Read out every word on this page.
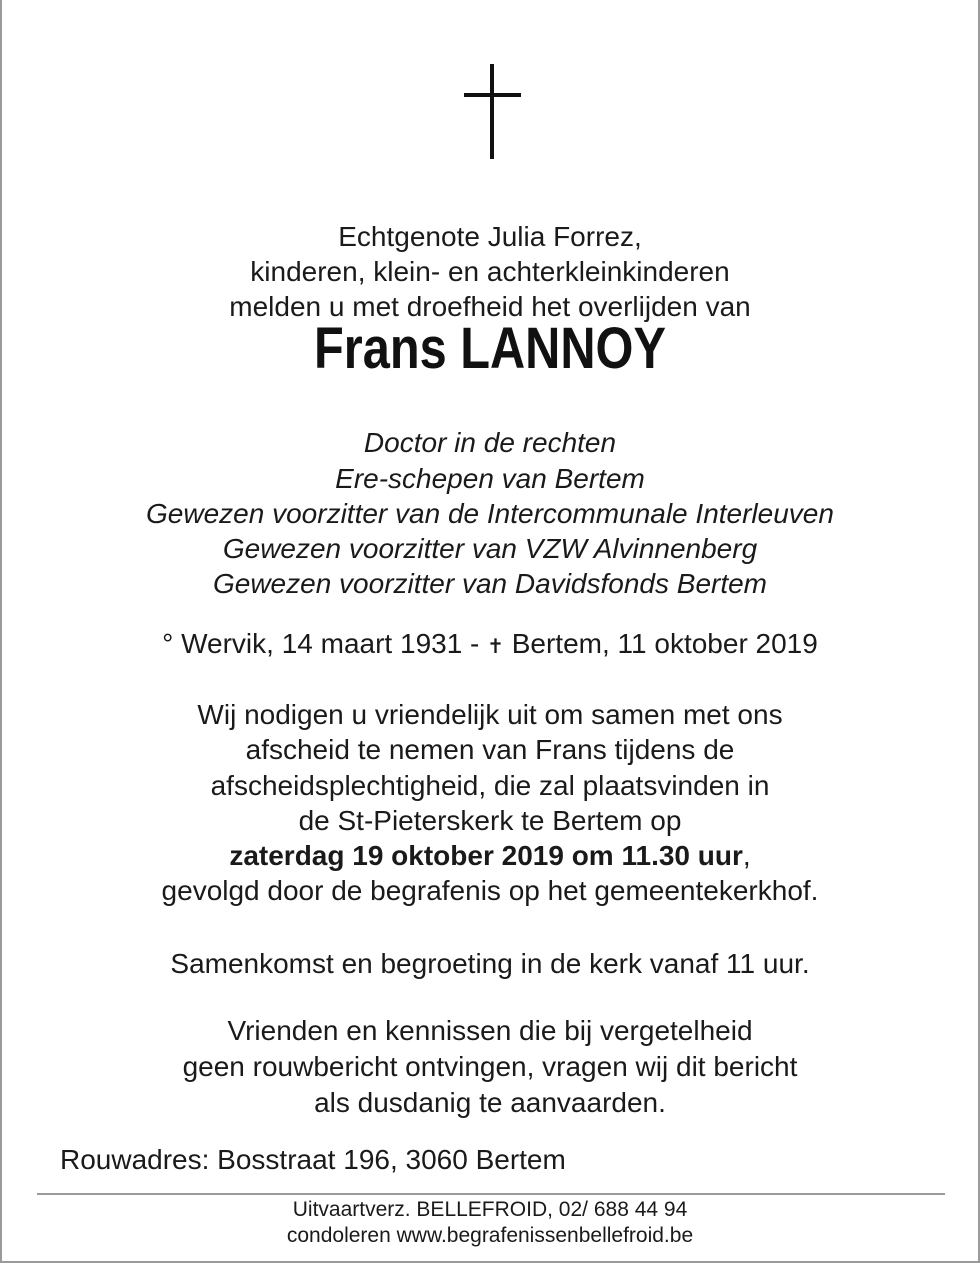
Echtgenote Julia Forrez,
kinderen, klein- en achterkleinkinderen
melden u met droefheid het overlijden van
Frans LANNOY
Doctor in de rechten
Ere-schepen van Bertem
Gewezen voorzitter van de Intercommunale Interleuven
Gewezen voorzitter van VZW Alvinnenberg
Gewezen voorzitter van Davidsfonds Bertem
° Wervik, 14 maart 1931 - ✝ Bertem, 11 oktober 2019
Wij nodigen u vriendelijk uit om samen met ons
afscheid te nemen van Frans tijdens de
afscheidsplechtigheid, die zal plaatsvinden in
de St-Pieterskerk te Bertem op
zaterdag 19 oktober 2019 om 11.30 uur,
gevolgd door de begrafenis op het gemeentekerkhof.
Samenkomst en begroeting in de kerk vanaf 11 uur.
Vrienden en kennissen die bij vergetelheid
geen rouwbericht ontvingen, vragen wij dit bericht
als dusdanig te aanvaarden.
Rouwadres: Bosstraat 196, 3060 Bertem
Uitvaartverz. BELLEFROID, 02/ 688 44 94
condoleren www.begrafenissenbellefroid.be
